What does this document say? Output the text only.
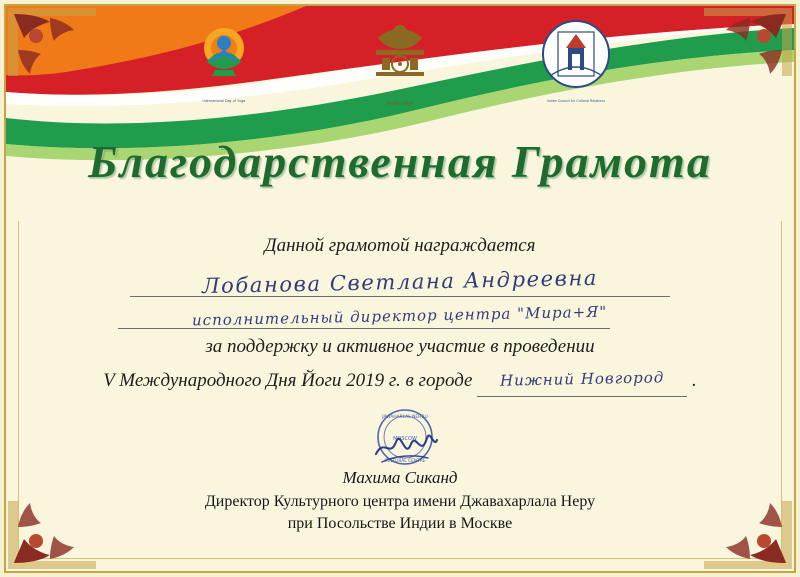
International Day of Yoga	सत्यमेव जयते	Indian Council for Cultural Relations
Благодарственная Грамота
Данной грамотой награждается
Лобанова Светлана Андреевна
исполнительный директор центра "Мира+Я"
за поддержку и активное участие в проведении
V Международного Дня Йоги 2019 г. в городе Нижний Новгород .
JAWAHARLAL NEHRU
CULTURAL CENTRE
MOSCOW
Махима Сиканд
Директор Культурного центра имени Джавахарлала Неру
при Посольстве Индии в Москве
